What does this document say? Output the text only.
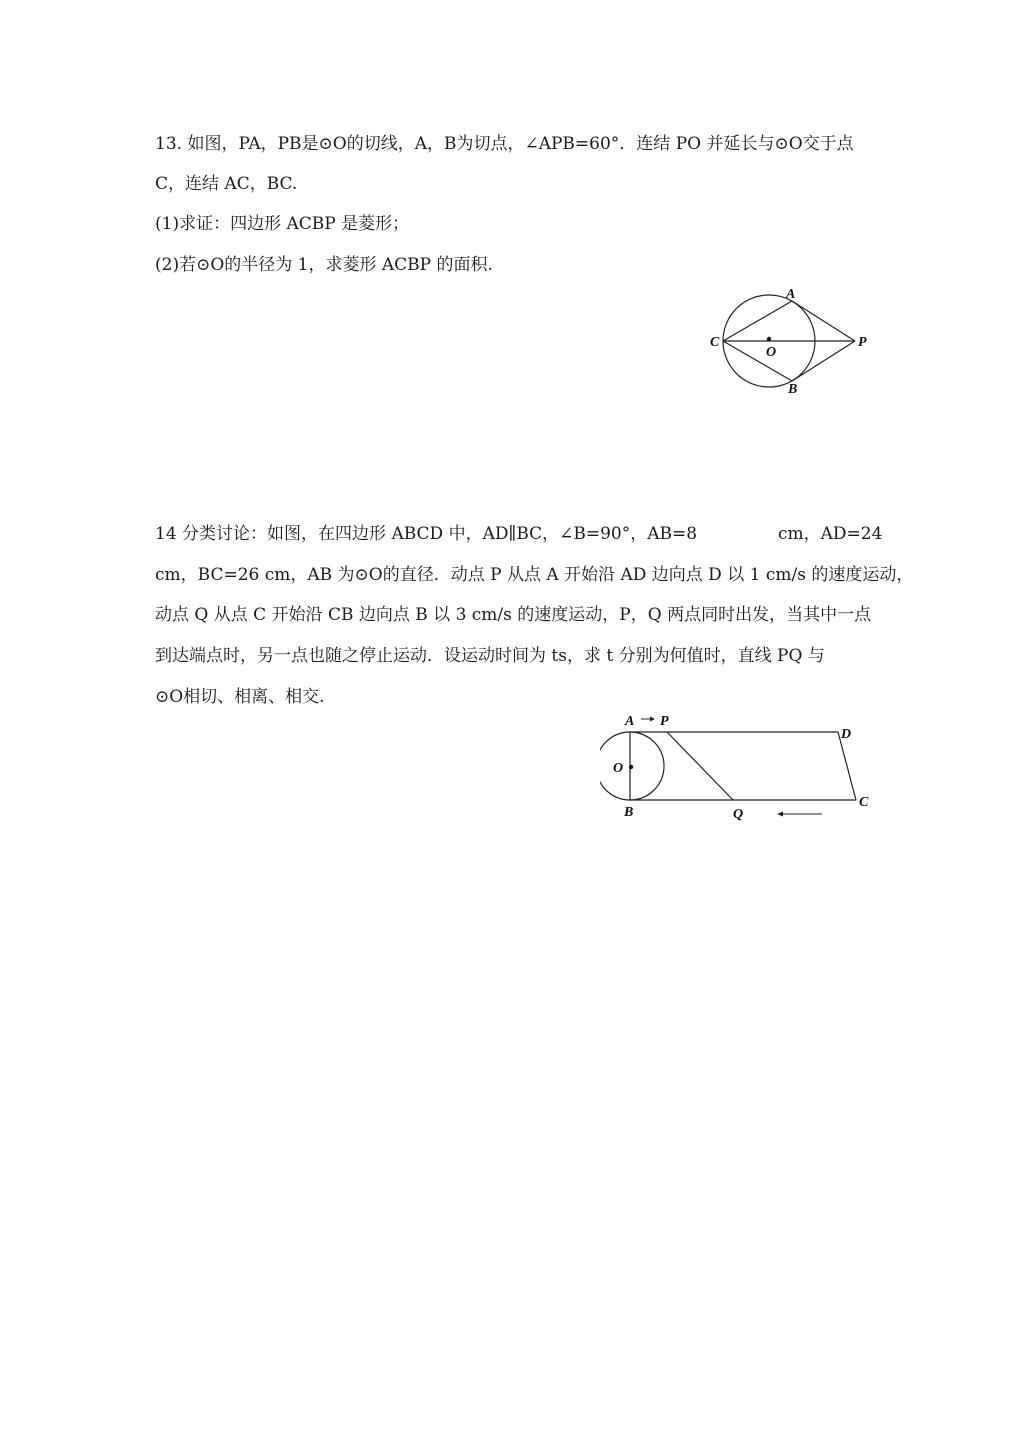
13. 如图，PA，PB是⊙O的切线，A，B为切点，∠APB=60°．连结 PO 并延长与⊙O交于点
C，连结 AC，BC.
(1)求证：四边形 ACBP 是菱形；
(2)若⊙O的半径为 1，求菱形 ACBP 的面积.
A
B
C
O
P
14 分类讨论：如图，在四边形 ABCD 中，AD∥BC，∠B=90°，AB=8	cm，AD=24
cm，BC=26 cm，AB 为⊙O的直径．动点 P 从点 A 开始沿 AD 边向点 D 以 1 cm/s 的速度运动，
动点 Q 从点 C 开始沿 CB 边向点 B 以 3 cm/s 的速度运动，P，Q 两点同时出发，当其中一点
到达端点时，另一点也随之停止运动．设运动时间为 ts，求 t 分别为何值时，直线 PQ 与
⊙O相切、相离、相交.
A P
D
O
B	Q
C
